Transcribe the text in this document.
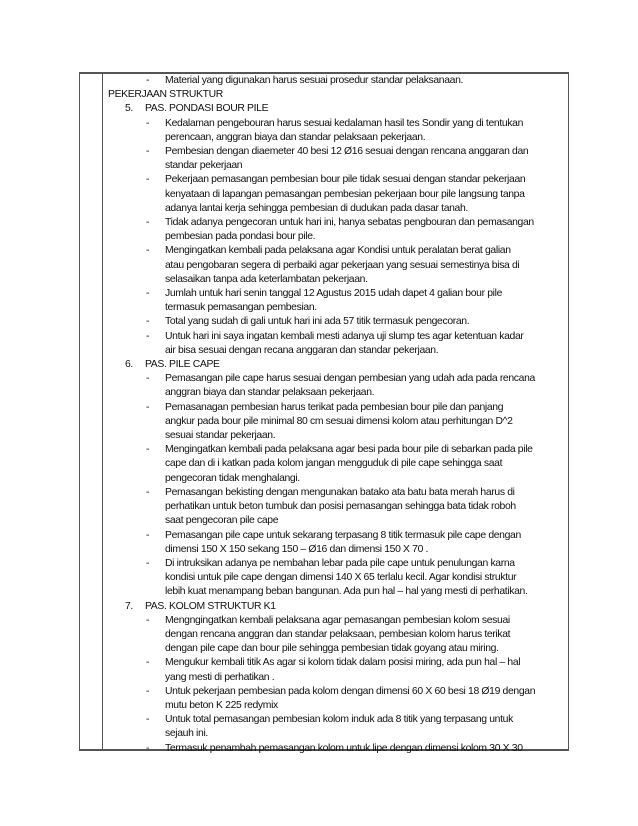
-	Material yang digunakan harus sesuai prosedur standar pelaksanaan.
PEKERJAAN STRUKTUR
5.	PAS. PONDASI BOUR PILE
-	Kedalaman pengebouran harus sesuai kedalaman hasil tes Sondir yang di tentukan
perencaan, anggran biaya dan standar pelaksaan pekerjaan.
-	Pembesian dengan diaemeter 40 besi 12 Ø16 sesuai dengan rencana anggaran dan
standar pekerjaan
-	Pekerjaan pemasangan pembesian bour pile tidak sesuai dengan standar pekerjaan
kenyataan di lapangan pemasangan pembesian pekerjaan bour pile langsung tanpa
adanya lantai kerja sehingga pembesian di dudukan pada dasar tanah.
-	Tidak adanya pengecoran untuk hari ini, hanya sebatas pengbouran dan pemasangan
pembesian pada pondasi bour pile.
-	Mengingatkan kembali pada pelaksana agar Kondisi untuk peralatan berat galian
atau pengobaran segera di perbaiki agar pekerjaan yang sesuai semestinya bisa di
selasaikan tanpa ada keterlambatan pekerjaan.
-	Jumlah untuk hari senin tanggal 12 Agustus 2015 udah dapet 4 galian bour pile
termasuk pemasangan pembesian.
-	Total yang sudah di gali untuk hari ini ada 57 titik termasuk pengecoran.
-	Untuk hari ini saya ingatan kembali mesti adanya uji slump tes agar ketentuan kadar
air bisa sesuai dengan recana anggaran dan standar pekerjaan.
6.	PAS. PILE CAPE
-	Pemasangan pile cape harus sesuai dengan pembesian yang udah ada pada rencana
anggran biaya dan standar pelaksaan pekerjaan.
-	Pemasanagan pembesian harus terikat pada pembesian bour pile dan panjang
angkur pada bour pile minimal 80 cm sesuai dimensi kolom atau perhitungan D^2
sesuai standar pekerjaan.
-	Mengingatkan kembali pada pelaksana agar besi pada bour pile di sebarkan pada pile
cape dan di i katkan pada kolom jangan mengguduk di pile cape sehingga saat
pengecoran tidak menghalangi.
-	Pemasangan bekisting dengan mengunakan batako ata batu bata merah harus di
perhatikan untuk beton tumbuk dan posisi pemasangan sehingga bata tidak roboh
saat pengecoran pile cape
-	Pemasangan pile cape untuk sekarang terpasang 8 titik termasuk pile cape dengan
dimensi 150 X 150 sekang 150 – Ø16 dan dimensi 150 X 70 .
-	Di intruksikan adanya pe nembahan lebar pada pile cape untuk penulungan karna
kondisi untuk pile cape dengan dimensi 140 X 65 terlalu kecil. Agar kondisi struktur
lebih kuat menampang beban bangunan. Ada pun hal – hal yang mesti di perhatikan.
7.	PAS. KOLOM STRUKTUR K1
-	Mengngingatkan kembali pelaksana agar pemasangan pembesian kolom sesuai
dengan rencana anggran dan standar pelaksaan, pembesian kolom harus terikat
dengan pile cape dan bour pile sehingga pembesian tidak goyang atau miring.
-	Mengukur kembali titik As agar si kolom tidak dalam posisi miring, ada pun hal – hal
yang mesti di perhatikan .
-	Untuk pekerjaan pembesian pada kolom dengan dimensi 60 X 60 besi 18 Ø19 dengan
mutu beton K 225 redymix
-	Untuk total pemasangan pembesian kolom induk ada 8 titik yang terpasang untuk
sejauh ini.
-	Termasuk penambah pemasangan kolom untuk lipe dengan dimensi kolom 30 X 30
